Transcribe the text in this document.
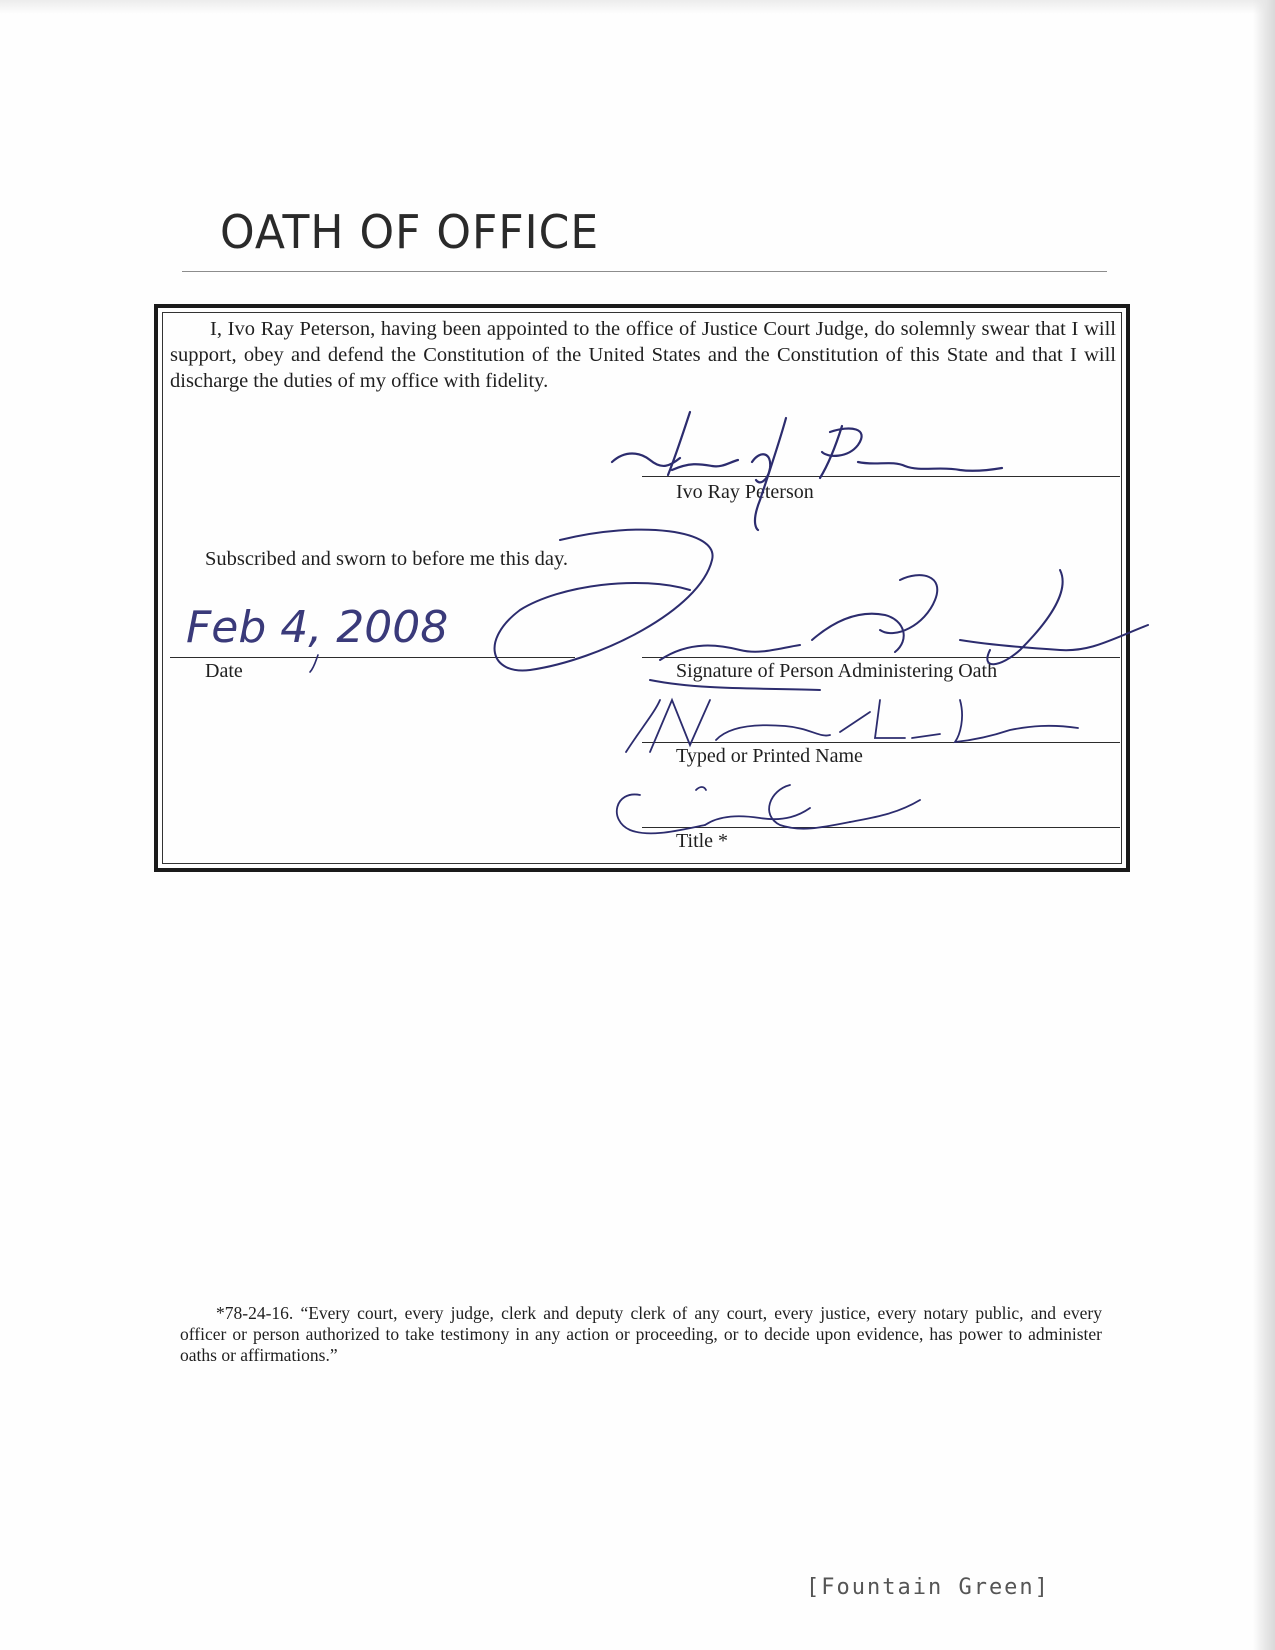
OATH OF OFFICE
I, Ivo Ray Peterson, having been appointed to the office of Justice Court Judge, do solemnly swear that I will support, obey and defend the Constitution of the United States and the Constitution of this State and that I will discharge the duties of my office with fidelity.
Ivo Ray Peterson
Subscribed and sworn to before me this day.
Date	Signature of Person Administering Oath
Typed or Printed Name
Title *
Feb 4, 2008
*78-24-16. “Every court, every judge, clerk and deputy clerk of any court, every justice, every notary public, and every officer or person authorized to take testimony in any action or proceeding, or to decide upon evidence, has power to administer oaths or affirmations.”
[Fountain Green]
